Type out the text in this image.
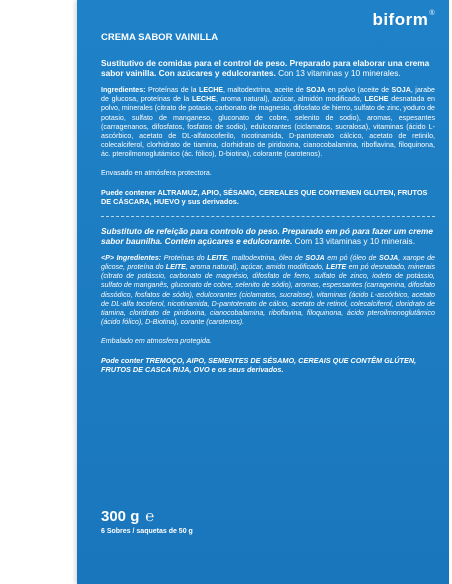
biform®
CREMA SABOR VAINILLA
Sustitutivo de comidas para el control de peso. Preparado para elaborar una crema sabor vainilla. Con azúcares y edulcorantes. Con 13 vitaminas y 10 minerales.
Ingredientes: Proteínas de la LECHE, maltodextrina, aceite de SOJA en polvo (aceite de SOJA, jarabe de glucosa, proteínas de la LECHE, aroma natural), azúcar, almidón modificado, LECHE desnatada en polvo, minerales (citrato de potasio, carbonato de magnesio, difosfato de hierro, sulfato de zinc, yoduro de potasio, sulfato de manganeso, gluconato de cobre, selenito de sodio), aromas, espesantes (carragenanos, difosfatos, fosfatos de sodio), edulcorantes (ciclamatos, sucralosa), vitaminas (ácido L-ascórbico, acetato de DL-alfatocoferilo, nicotinamida, D-pantotenato cálcico, acetato de retinilo, colecalciferol, clorhidrato de tiamina, clorhidrato de piridoxina, cianocobalamina, riboflavina, filoquinona, ác. pteroilmonoglutámico (ác. fólico), D-biotina), colorante (carotenos).
Envasado en atmósfera protectora.
Puede contener ALTRAMUZ, APIO, SÉSAMO, CEREALES QUE CONTIENEN GLUTEN, FRUTOS DE CÁSCARA, HUEVO y sus derivados.
Substituto de refeição para controlo do peso. Preparado em pó para fazer um creme sabor baunilha. Contém açúcares e edulcorante. Com 13 vitaminas y 10 minerais.
<P> Ingredientes: Proteínas do LEITE, maltodextrina, óleo de SOJA em pó (óleo de SOJA, xarope de glicose, proteína do LEITE, aroma natural), açúcar, amido modificado, LEITE em pó desnatado, minerais (citrato de potássio, carbonato de magnésio, difosfato de ferro, sulfato de zinco, iodeto de potássio, sulfato de manganês, gluconato de cobre, selenito de sódio), aromas, espessantes (carragenina, difosfato dissódico, fosfatos de sódio), edulcorantes (ciclamatos, sucralose), vitaminas (ácido L-ascórbico, acetato de DL-alfa tocoferol, nicotinamida, D-pantotenato de cálcio, acetato de retinol, colecalciferol, cloridrato de tiamina, cloridrato de piridoxina, cianocobalamina, riboflavina, filoquinona, ácido pteroilmonoglutâmico (ácido fólico), D-Biotina), corante (carotenos).
Embalado em atmosfera protegida.
Pode conter TREMOÇO, AIPO, SEMENTES DE SÉSAMO, CEREAIS QUE CONTÊM GLÚTEN, FRUTOS DE CASCA RIJA, OVO e os seus derivados.
300 g ℮
6 Sobres / saquetas de 50 g
